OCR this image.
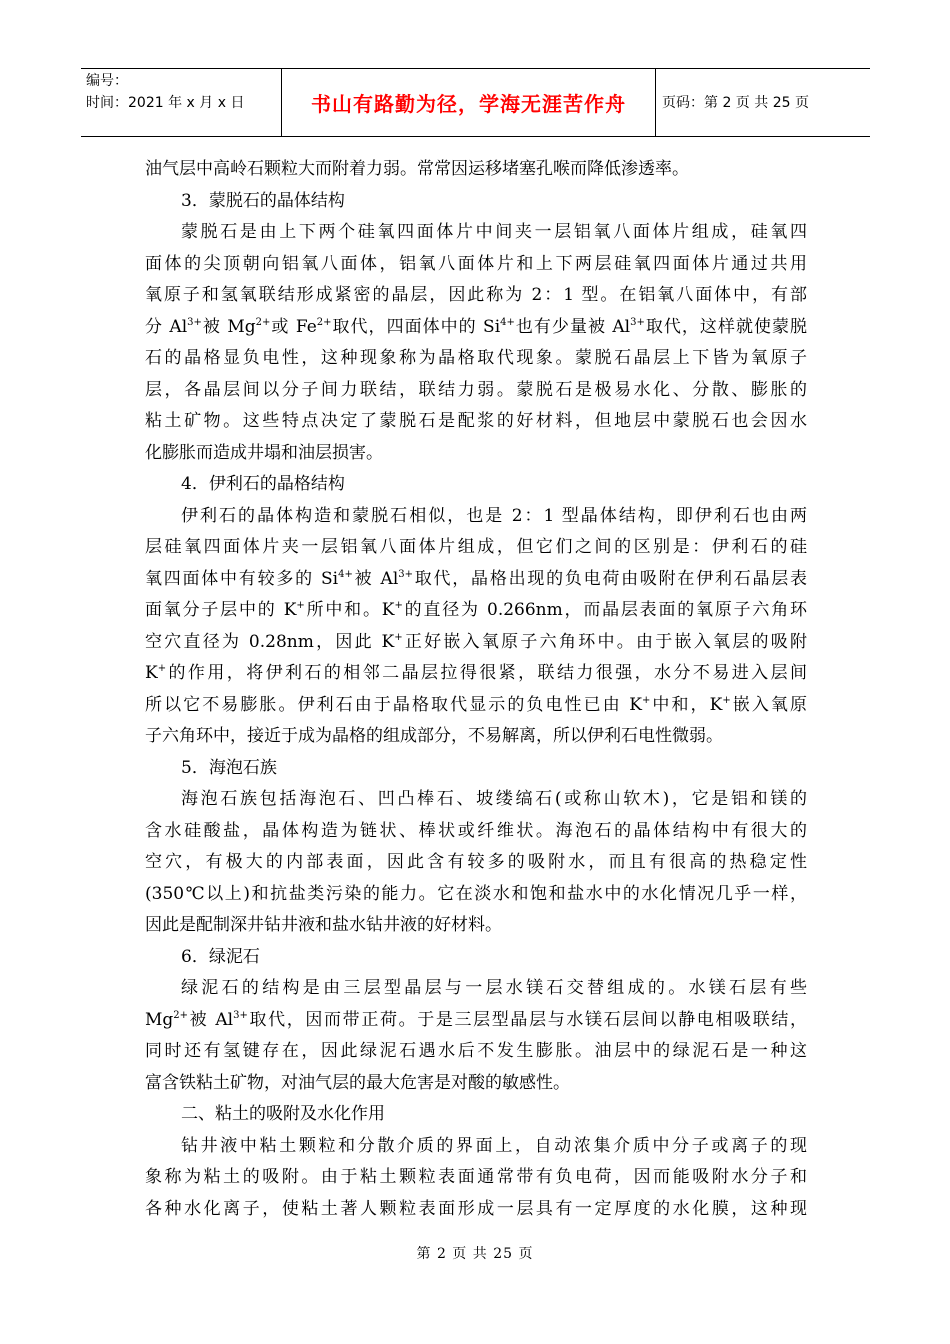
编号：
时间：2021 年 x 月 x 日	书山有路勤为径，学海无涯苦作舟	页码：第 2 页 共 25 页
油气层中高岭石颗粒大而附着力弱。常常因运移堵塞孔喉而降低渗透率。
3．蒙脱石的晶体结构
蒙脱石是由上下两个硅氧四面体片中间夹一层铝氧八面体片组成，硅氧四
面体的尖顶朝向铝氧八面体，铝氧八面体片和上下两层硅氧四面体片通过共用
氧原子和氢氧联结形成紧密的晶层，因此称为 2：1 型。在铝氧八面体中，有部
分 $Al^{3+}$被 $Mg^{2+}$或 $Fe^{2+}$取代，四面体中的 $Si^{4+}$也有少量被 $Al^{3+}$取代，这样就使蒙脱
石的晶格显负电性，这种现象称为晶格取代现象。蒙脱石晶层上下皆为氧原子
层，各晶层间以分子间力联结，联结力弱。蒙脱石是极易水化、分散、膨胀的
粘土矿物。这些特点决定了蒙脱石是配浆的好材料，但地层中蒙脱石也会因水
化膨胀而造成井塌和油层损害。
4．伊利石的晶格结构
伊利石的晶体构造和蒙脱石相似，也是 2：1 型晶体结构，即伊利石也由两
层硅氧四面体片夹一层铝氧八面体片组成，但它们之间的区别是：伊利石的硅
氧四面体中有较多的 $Si^{4+}$被 $Al^{3+}$取代，晶格出现的负电荷由吸附在伊利石晶层表
面氧分子层中的 K+所中和。K+的直径为 0.266nm，而晶层表面的氧原子六角环
空穴直径为 0.28nm，因此 K+正好嵌入氧原子六角环中。由于嵌入氧层的吸附
K+的作用，将伊利石的相邻二晶层拉得很紧，联结力很强，水分不易进入层间
所以它不易膨胀。伊利石由于晶格取代显示的负电性已由 K+中和，K+嵌入氧原
子六角环中，接近于成为晶格的组成部分，不易解离，所以伊利石电性微弱。
5．海泡石族
海泡石族包括海泡石、凹凸棒石、坡缕缟石(或称山软木)，它是铝和镁的
含水硅酸盐，晶体构造为链状、棒状或纤维状。海泡石的晶体结构中有很大的
空穴，有极大的内部表面，因此含有较多的吸附水，而且有很高的热稳定性
(350℃以上)和抗盐类污染的能力。它在淡水和饱和盐水中的水化情况几乎一样，
因此是配制深井钻井液和盐水钻井液的好材料。
6．绿泥石
绿泥石的结构是由三层型晶层与一层水镁石交替组成的。水镁石层有些
$Mg^{2+}$被 $Al^{3+}$取代，因而带正荷。于是三层型晶层与水镁石层间以静电相吸联结，
同时还有氢键存在，因此绿泥石遇水后不发生膨胀。油层中的绿泥石是一种这
富含铁粘土矿物，对油气层的最大危害是对酸的敏感性。
二、粘土的吸附及水化作用
钻井液中粘土颗粒和分散介质的界面上，自动浓集介质中分子或离子的现
象称为粘土的吸附。由于粘土颗粒表面通常带有负电荷，因而能吸附水分子和
各种水化离子，使粘土著人颗粒表面形成一层具有一定厚度的水化膜，这种现
第 2 页 共 25 页
